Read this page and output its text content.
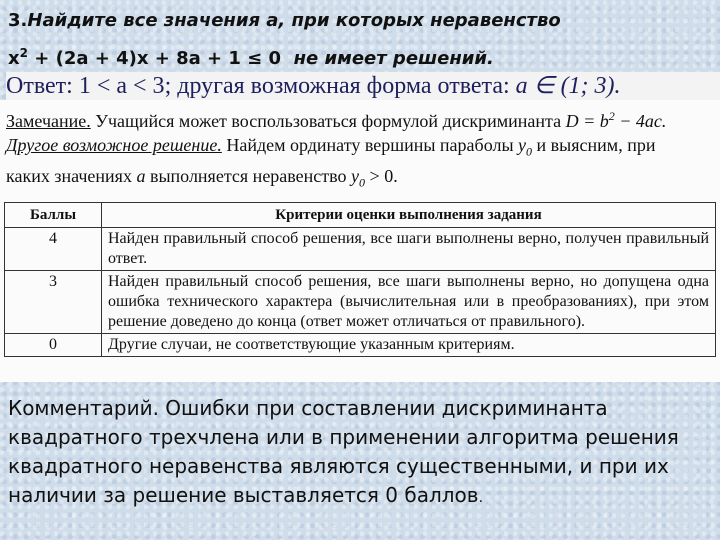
3.Найдите все значения а, при которых неравенство
$x^2 + (2a + 4)x + 8a + 1 \le 0$  не имеет решений.
Ответ: 1 < a < 3; другая возможная форма ответа: a ∈ (1; 3).

Замечание. Учащийся может воспользоваться формулой дискриминанта $D = b^2 - 4ac$.

Другое возможное решение. Найдем ординату вершины параболы $y_0$ и выясним, при

каких значениях а выполняется неравенство $y_0 > 0$.

Баллы	Критерии оценки выполнения задания
4	Найден правильный способ решения, все шаги выполнены верно, получен правильный ответ.
3	Найден правильный способ решения, все шаги выполнены верно, но допущена одна ошибка технического характера (вычислительная или в преобразованиях), при этом решение доведено до конца (ответ может отличаться от правильного).
0	Другие случаи, не соответствующие указанным критериям.
Комментарий. Ошибки при составлении дискриминанта квадратного трехчлена или в применении алгоритма решения квадратного неравенства являются существенными, и при их наличии за решение выставляется 0 баллов.
